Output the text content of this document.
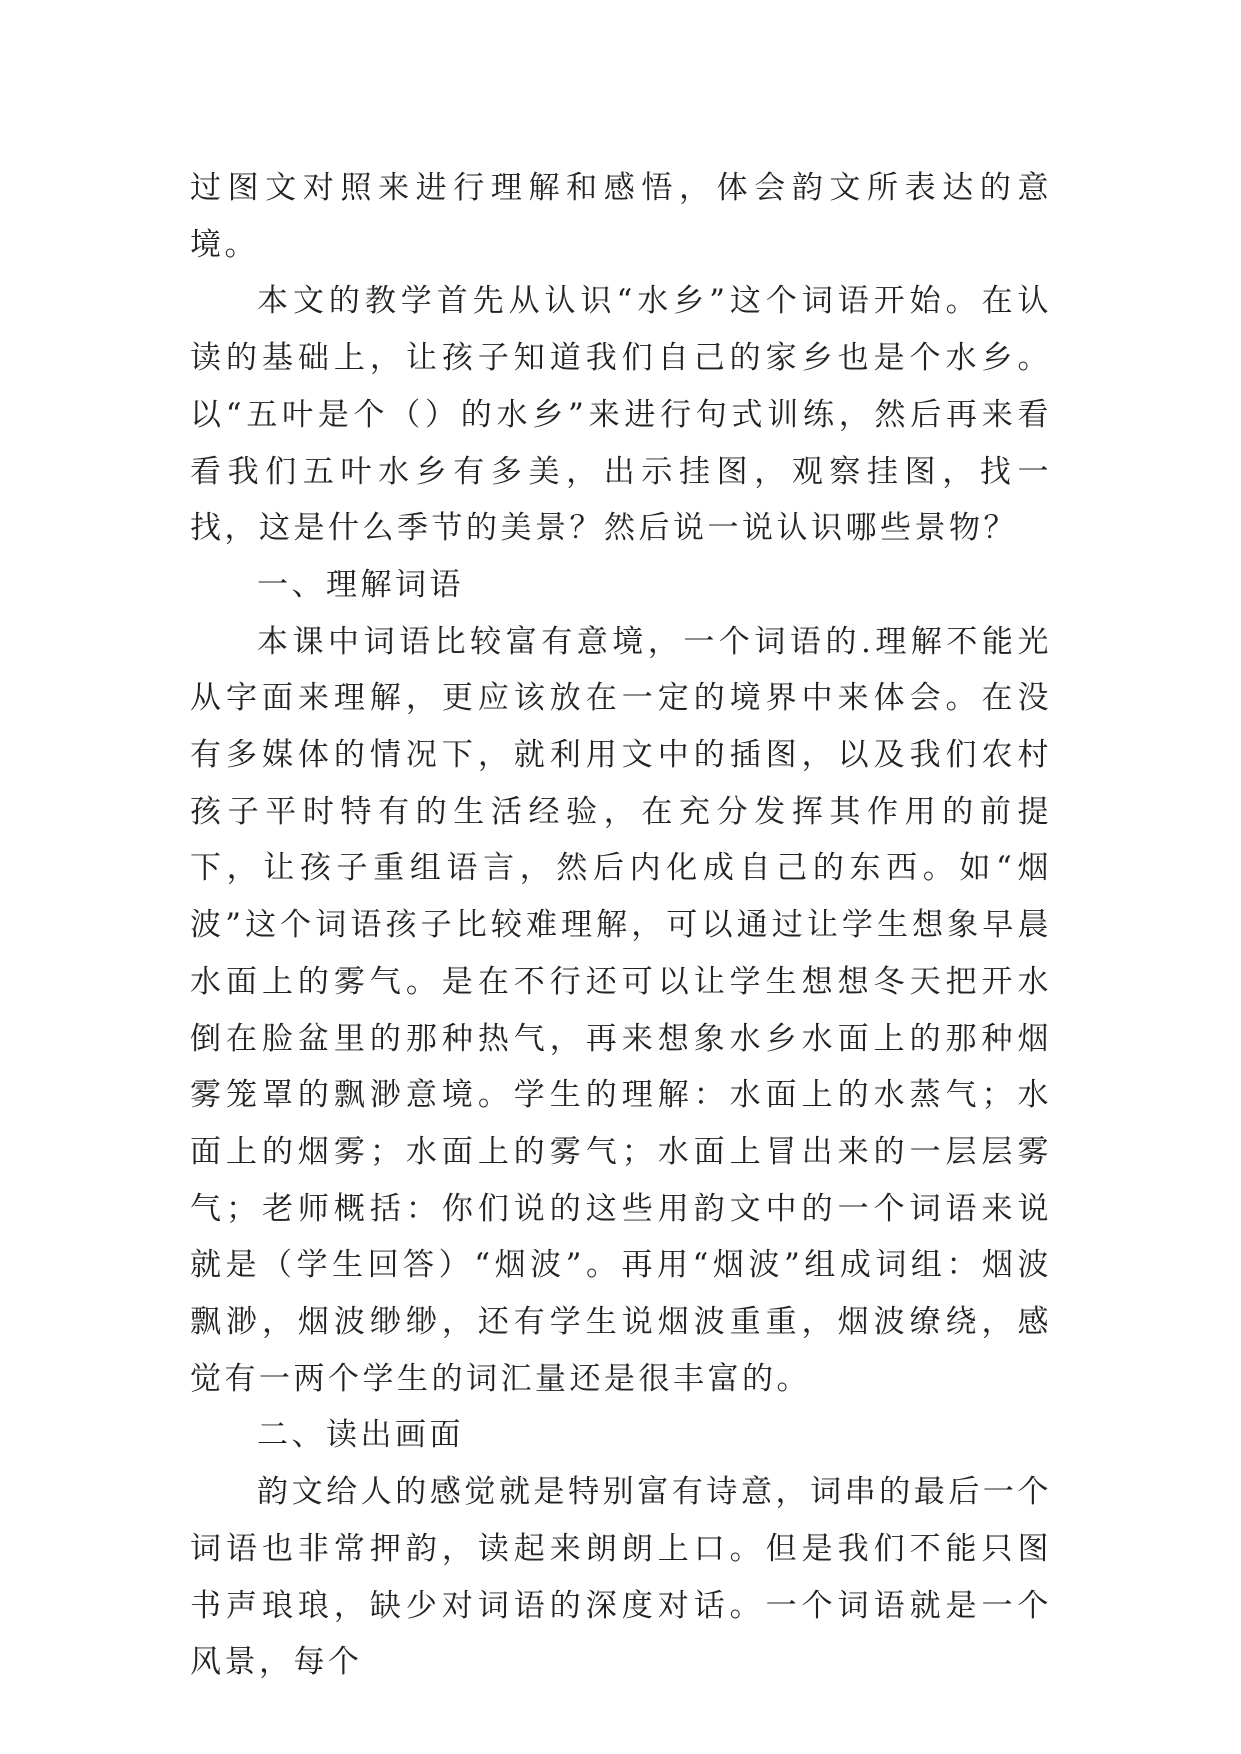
过图文对照来进行理解和感悟，体会韵文所表达的意境。

本文的教学首先从认识“水乡”这个词语开始。在认读的基础上，让孩子知道我们自己的家乡也是个水乡。以“五叶是个（）的水乡”来进行句式训练，然后再来看看我们五叶水乡有多美，出示挂图，观察挂图，找一找，这是什么季节的美景？然后说一说认识哪些景物？

一、理解词语

本课中词语比较富有意境，一个词语的.理解不能光从字面来理解，更应该放在一定的境界中来体会。在没有多媒体的情况下，就利用文中的插图，以及我们农村孩子平时特有的生活经验，在充分发挥其作用的前提下，让孩子重组语言，然后内化成自己的东西。如“烟波”这个词语孩子比较难理解，可以通过让学生想象早晨水面上的雾气。是在不行还可以让学生想想冬天把开水倒在脸盆里的那种热气，再来想象水乡水面上的那种烟雾笼罩的飘渺意境。学生的理解：水面上的水蒸气；水面上的烟雾；水面上的雾气；水面上冒出来的一层层雾气；老师概括：你们说的这些用韵文中的一个词语来说就是（学生回答）“烟波”。再用“烟波”组成词组：烟波飘渺，烟波缈缈，还有学生说烟波重重，烟波缭绕，感觉有一两个学生的词汇量还是很丰富的。

二、读出画面

韵文给人的感觉就是特别富有诗意，词串的最后一个词语也非常押韵，读起来朗朗上口。但是我们不能只图书声琅琅，缺少对词语的深度对话。一个词语就是一个风景，每个
